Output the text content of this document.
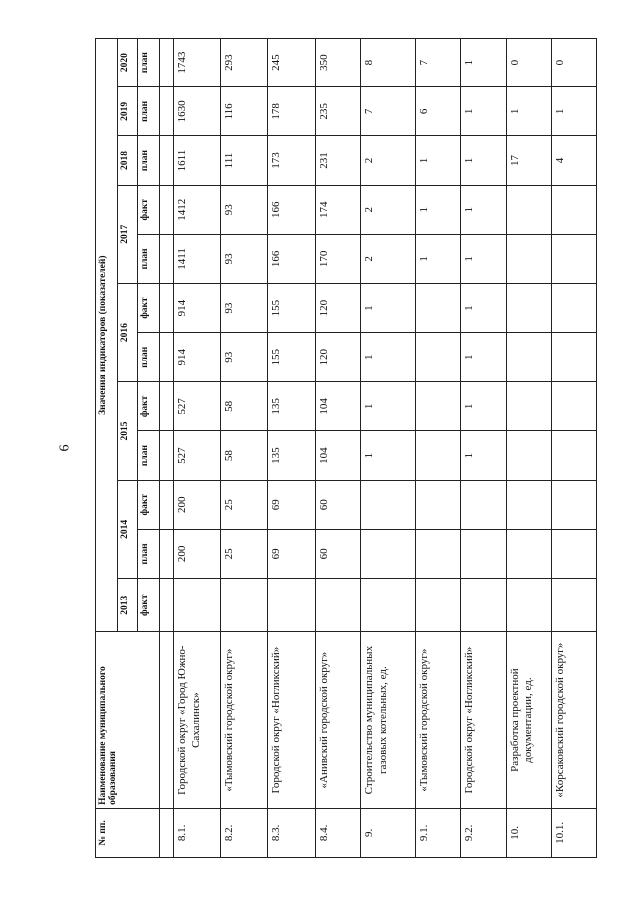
6
№ пп.	Наименование муниципального образования	Значения индикаторов (показателей)											
		2013	2014		2015		2016		2017		2018	2019	2020
		факт	план	факт	план	факт	план	факт	план	факт	план	план	план

8.1.	Городской округ «Город Южно-Сахалинск»		200	200	527	527	914	914	1411	1412	1611	1630	1743
8.2.	«Тымовский городской округ»		25	25	58	58	93	93	93	93	111	116	293
8.3.	Городской округ «Ногликский»		69	69	135	135	155	155	166	166	173	178	245
8.4.	«Анивский городской округ»		60	60	104	104	120	120	170	174	231	235	350
9.	Строительство муниципальных газовых котельных, ед.				1	1	1	1	2	2	2	7	8
9.1.	«Тымовский городской округ»								1	1	1	6	7
9.2.	Городской округ «Ногликский»				1	1	1	1	1	1	1	1	1
10.	Разработка проектной документации, ед.										17	1	0
10.1.	«Корсаковский городской округ»										4	1	0
